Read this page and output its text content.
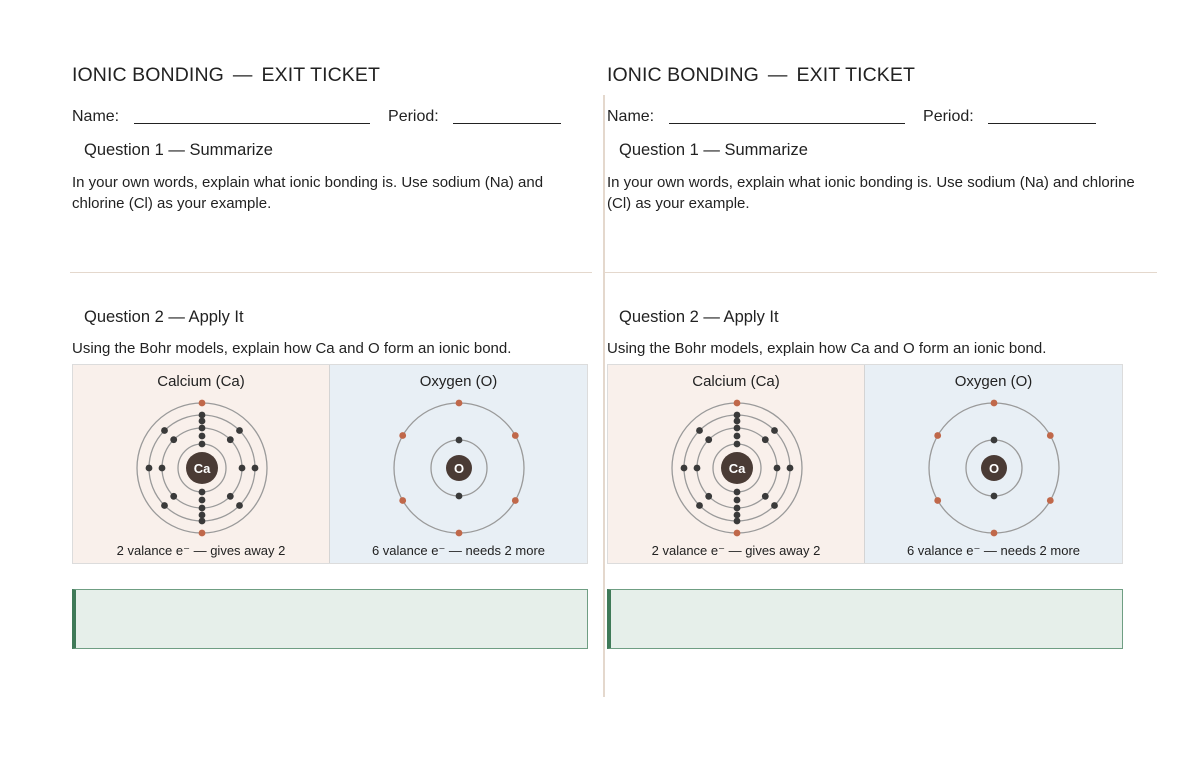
IONIC BONDING — EXIT TICKET
Name:	Period:
Question 1 — Summarize
In your own words, explain what ionic bonding is. Use sodium (Na) and chlorine (Cl) as your example.
Question 2 — Apply It
Using the Bohr models, explain how Ca and O form an ionic bond.
Calcium (Ca)
Ca
2 valance e⁻ — gives away 2
Oxygen (O)
O
6 valance e⁻ — needs 2 more
IONIC BONDING — EXIT TICKET
Name:	Period:
Question 1 — Summarize
In your own words, explain what ionic bonding is. Use sodium (Na) and chlorine (Cl) as your example.
Question 2 — Apply It
Using the Bohr models, explain how Ca and O form an ionic bond.
Calcium (Ca)
Ca
2 valance e⁻ — gives away 2
Oxygen (O)
O
6 valance e⁻ — needs 2 more
